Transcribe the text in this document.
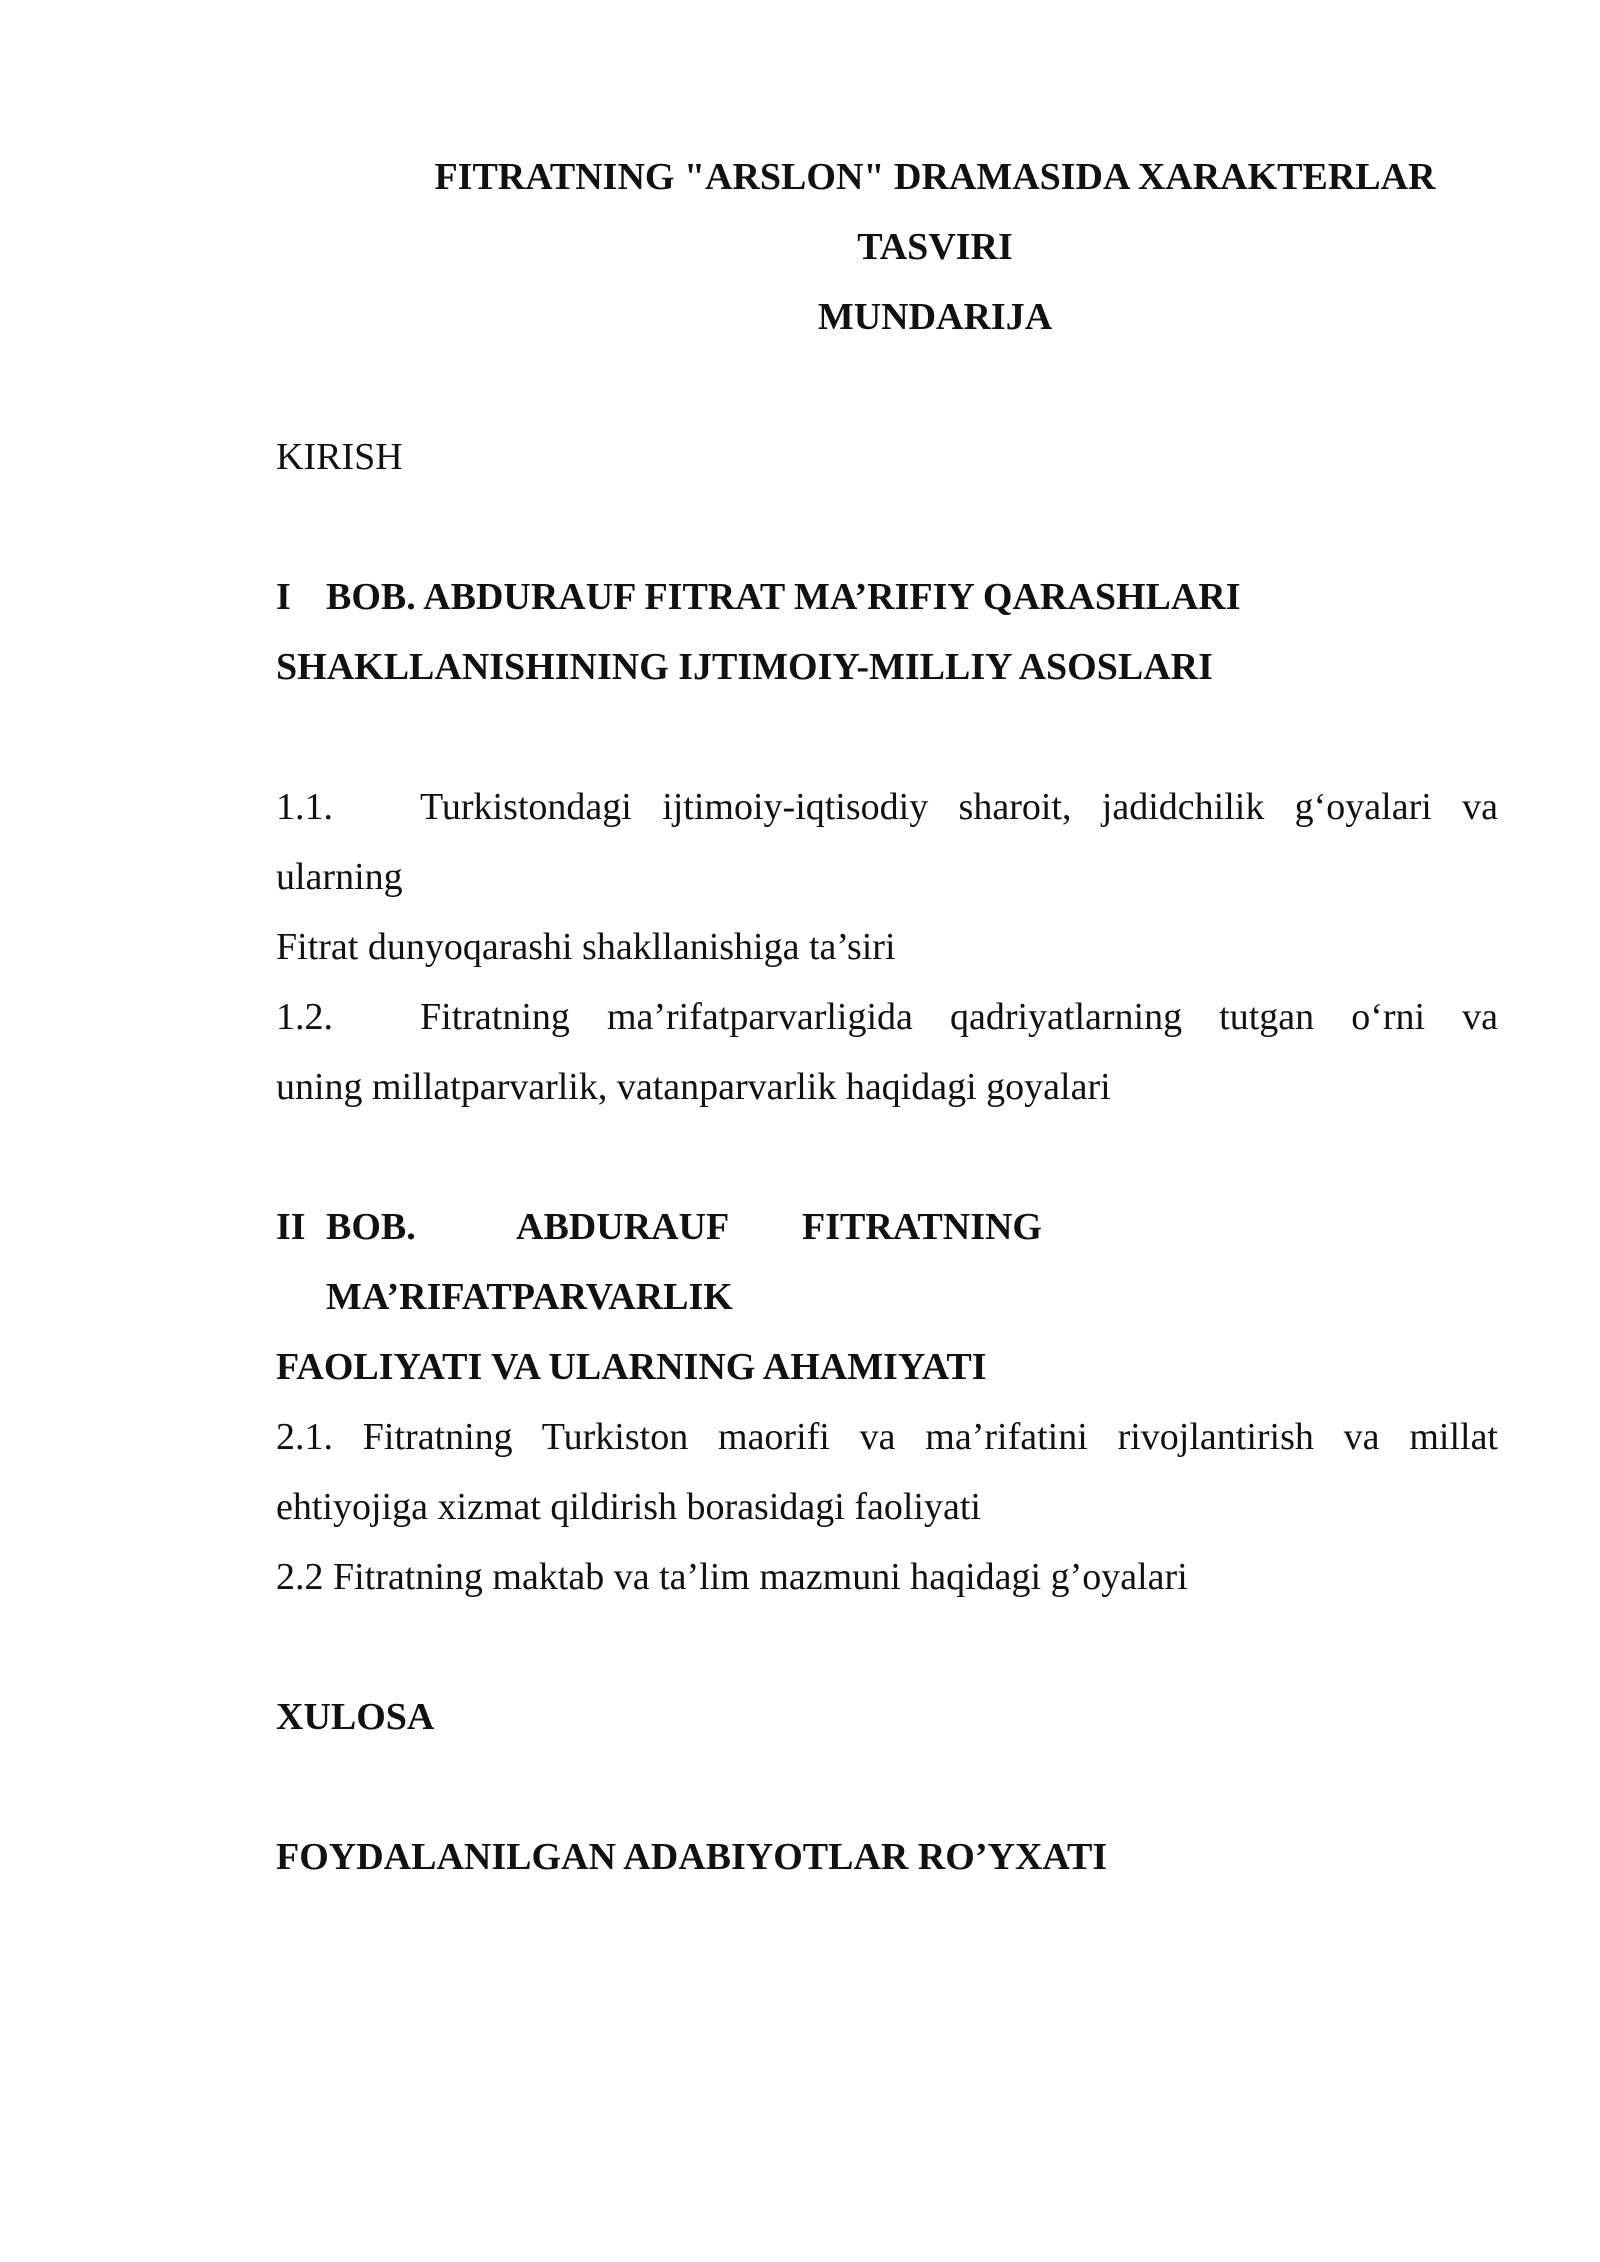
FITRATNING "ARSLON" DRAMASIDA XARAKTERLAR
TASVIRI
MUNDARIJA
KIRISH
I BOB. ABDURAUF FITRAT MA’RIFIY QARASHLARI
SHAKLLANISHINING IJTIMOIY-MILLIY ASOSLARI
1.1. Turkistondagi ijtimoiy-iqtisodiy sharoit, jadidchilik g‘oyalari va
ularning
Fitrat dunyoqarashi shakllanishiga ta’siri
1.2. Fitratning ma’rifatparvarligida qadriyatlarning tutgan o‘rni va
uning millatparvarlik, vatanparvarlik haqidagi goyalari
II BOB.	ABDURAUF FITRATNING
MA’RIFATPARVARLIK
FAOLIYATI VA ULARNING AHAMIYATI
2.1. Fitratning Turkiston maorifi va ma’rifatini rivojlantirish va millat
ehtiyojiga xizmat qildirish borasidagi faoliyati
2.2 Fitratning maktab va ta’lim mazmuni haqidagi g’oyalari
XULOSA
FOYDALANILGAN ADABIYOTLAR RO’YXATI
